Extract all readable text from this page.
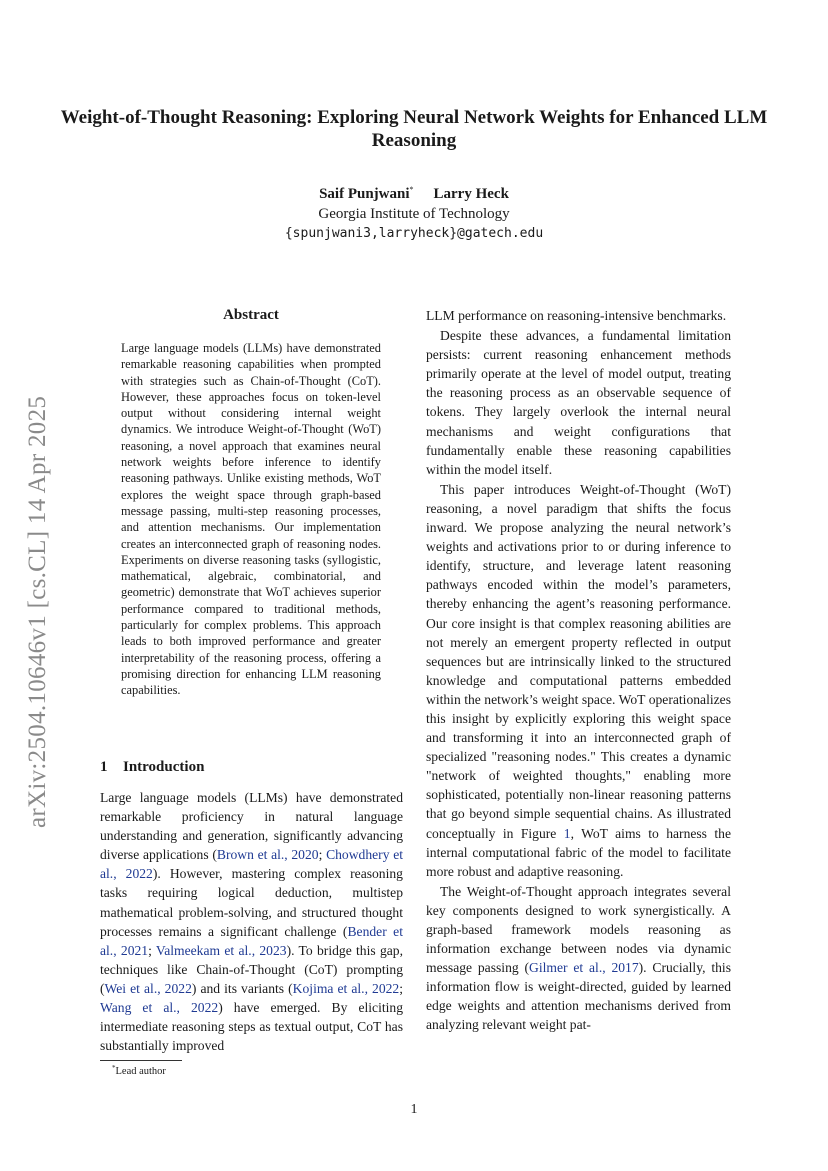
arXiv:2504.10646v1 [cs.CL] 14 Apr 2025
Weight-of-Thought Reasoning: Exploring Neural Network Weights for Enhanced LLM Reasoning
Saif Punjwani* Larry Heck
Georgia Institute of Technology
{spunjwani3,larryheck}@gatech.edu
Abstract
Large language models (LLMs) have demonstrated remarkable reasoning capabilities when prompted with strategies such as Chain-of-Thought (CoT). However, these approaches focus on token-level output without considering internal weight dynamics. We introduce Weight-of-Thought (WoT) reasoning, a novel approach that examines neural network weights before inference to identify reasoning pathways. Unlike existing methods, WoT explores the weight space through graph-based message passing, multi-step reasoning processes, and attention mechanisms. Our implementation creates an interconnected graph of reasoning nodes. Experiments on diverse reasoning tasks (syllogistic, mathematical, algebraic, combinatorial, and geometric) demonstrate that WoT achieves superior performance compared to traditional methods, particularly for complex problems. This approach leads to both improved performance and greater interpretability of the reasoning process, offering a promising direction for enhancing LLM reasoning capabilities.
1 Introduction

Large language models (LLMs) have demonstrated remarkable proficiency in natural language understanding and generation, significantly advancing diverse applications (Brown et al., 2020; Chowdhery et al., 2022). However, mastering complex reasoning tasks requiring logical deduction, multistep mathematical problem-solving, and structured thought processes remains a significant challenge (Bender et al., 2021; Valmeekam et al., 2023). To bridge this gap, techniques like Chain-of-Thought (CoT) prompting (Wei et al., 2022) and its variants (Kojima et al., 2022; Wang et al., 2022) have emerged. By eliciting intermediate reasoning steps as textual output, CoT has substantially improved

LLM performance on reasoning-intensive benchmarks.

Despite these advances, a fundamental limitation persists: current reasoning enhancement methods primarily operate at the level of model output, treating the reasoning process as an observable sequence of tokens. They largely overlook the internal neural mechanisms and weight configurations that fundamentally enable these reasoning capabilities within the model itself.

This paper introduces Weight-of-Thought (WoT) reasoning, a novel paradigm that shifts the focus inward. We propose analyzing the neural network’s weights and activations prior to or during inference to identify, structure, and leverage latent reasoning pathways encoded within the model’s parameters, thereby enhancing the agent’s reasoning performance. Our core insight is that complex reasoning abilities are not merely an emergent property reflected in output sequences but are intrinsically linked to the structured knowledge and computational patterns embedded within the network’s weight space. WoT operationalizes this insight by explicitly exploring this weight space and transforming it into an interconnected graph of specialized "reasoning nodes." This creates a dynamic "network of weighted thoughts," enabling more sophisticated, potentially non-linear reasoning patterns that go beyond simple sequential chains. As illustrated conceptually in Figure 1, WoT aims to harness the internal computational fabric of the model to facilitate more robust and adaptive reasoning.

The Weight-of-Thought approach integrates several key components designed to work synergistically. A graph-based framework models reasoning as information exchange between nodes via dynamic message passing (Gilmer et al., 2017). Crucially, this information flow is weight-directed, guided by learned edge weights and attention mechanisms derived from analyzing relevant weight pat-

*Lead author
1
